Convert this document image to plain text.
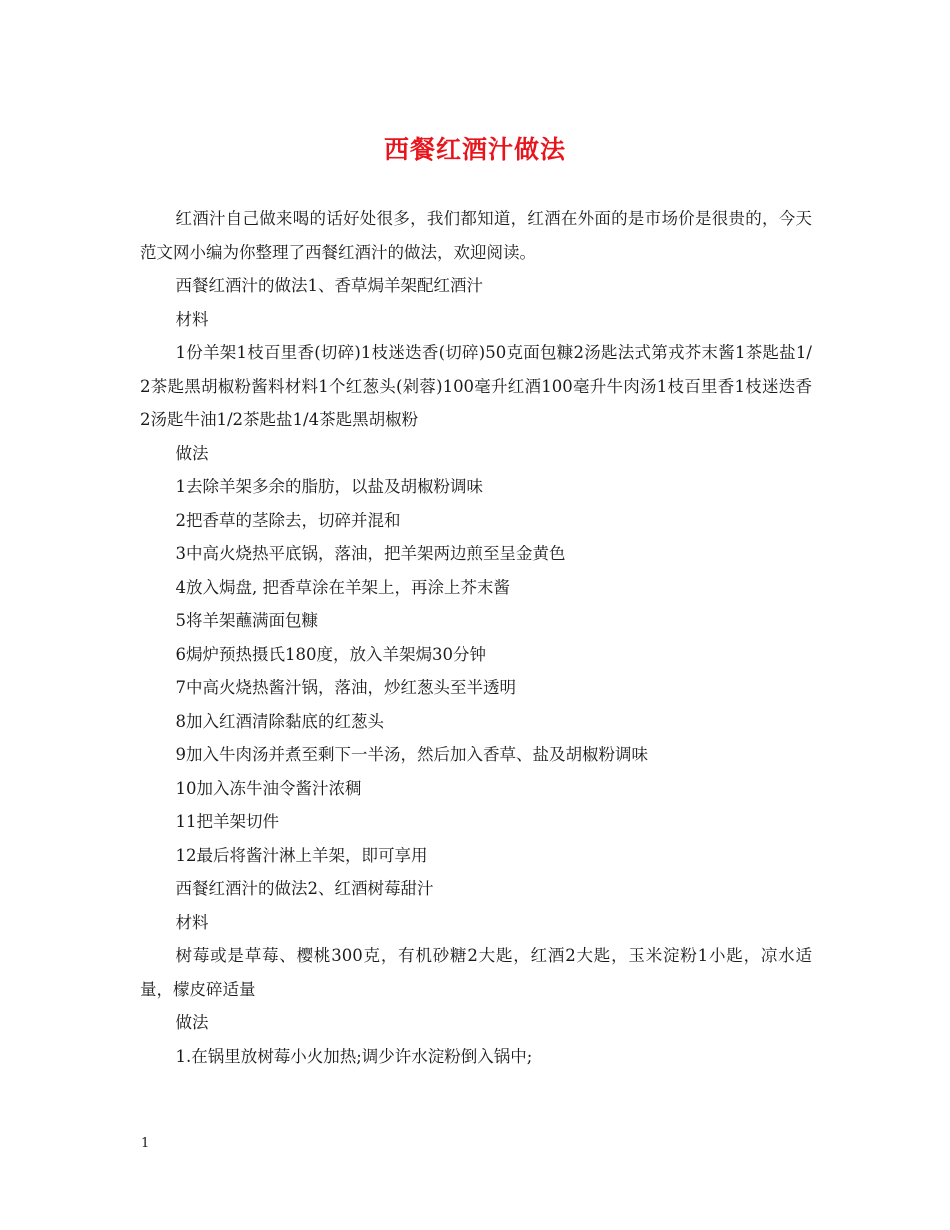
西餐红酒汁做法

红酒汁自己做来喝的话好处很多，我们都知道，红酒在外面的是市场价是很贵的，今天范文网小编为你整理了西餐红酒汁的做法，欢迎阅读。

西餐红酒汁的做法1、香草焗羊架配红酒汁

材料

1份羊架1枝百里香(切碎)1枝迷迭香(切碎)50克面包糠2汤匙法式第戎芥末酱1茶匙盐1/2茶匙黑胡椒粉酱料材料1个红葱头(剁蓉)100毫升红酒100毫升牛肉汤1枝百里香1枝迷迭香2汤匙牛油1/2茶匙盐1/4茶匙黑胡椒粉

做法

1去除羊架多余的脂肪，以盐及胡椒粉调味

2把香草的茎除去，切碎并混和

3中高火烧热平底锅，落油，把羊架两边煎至呈金黄色

4放入焗盘, 把香草涂在羊架上，再涂上芥末酱

5将羊架蘸满面包糠

6焗炉预热摄氏180度，放入羊架焗30分钟

7中高火烧热酱汁锅，落油，炒红葱头至半透明

8加入红酒清除黏底的红葱头

9加入牛肉汤并煮至剩下一半汤，然后加入香草、盐及胡椒粉调味

10加入冻牛油令酱汁浓稠

11把羊架切件

12最后将酱汁淋上羊架，即可享用

西餐红酒汁的做法2、红酒树莓甜汁

材料

树莓或是草莓、樱桃300克，有机砂糖2大匙，红酒2大匙，玉米淀粉1小匙，凉水适量，檬皮碎适量

做法

1.在锅里放树莓小火加热;调少许水淀粉倒入锅中;

1
